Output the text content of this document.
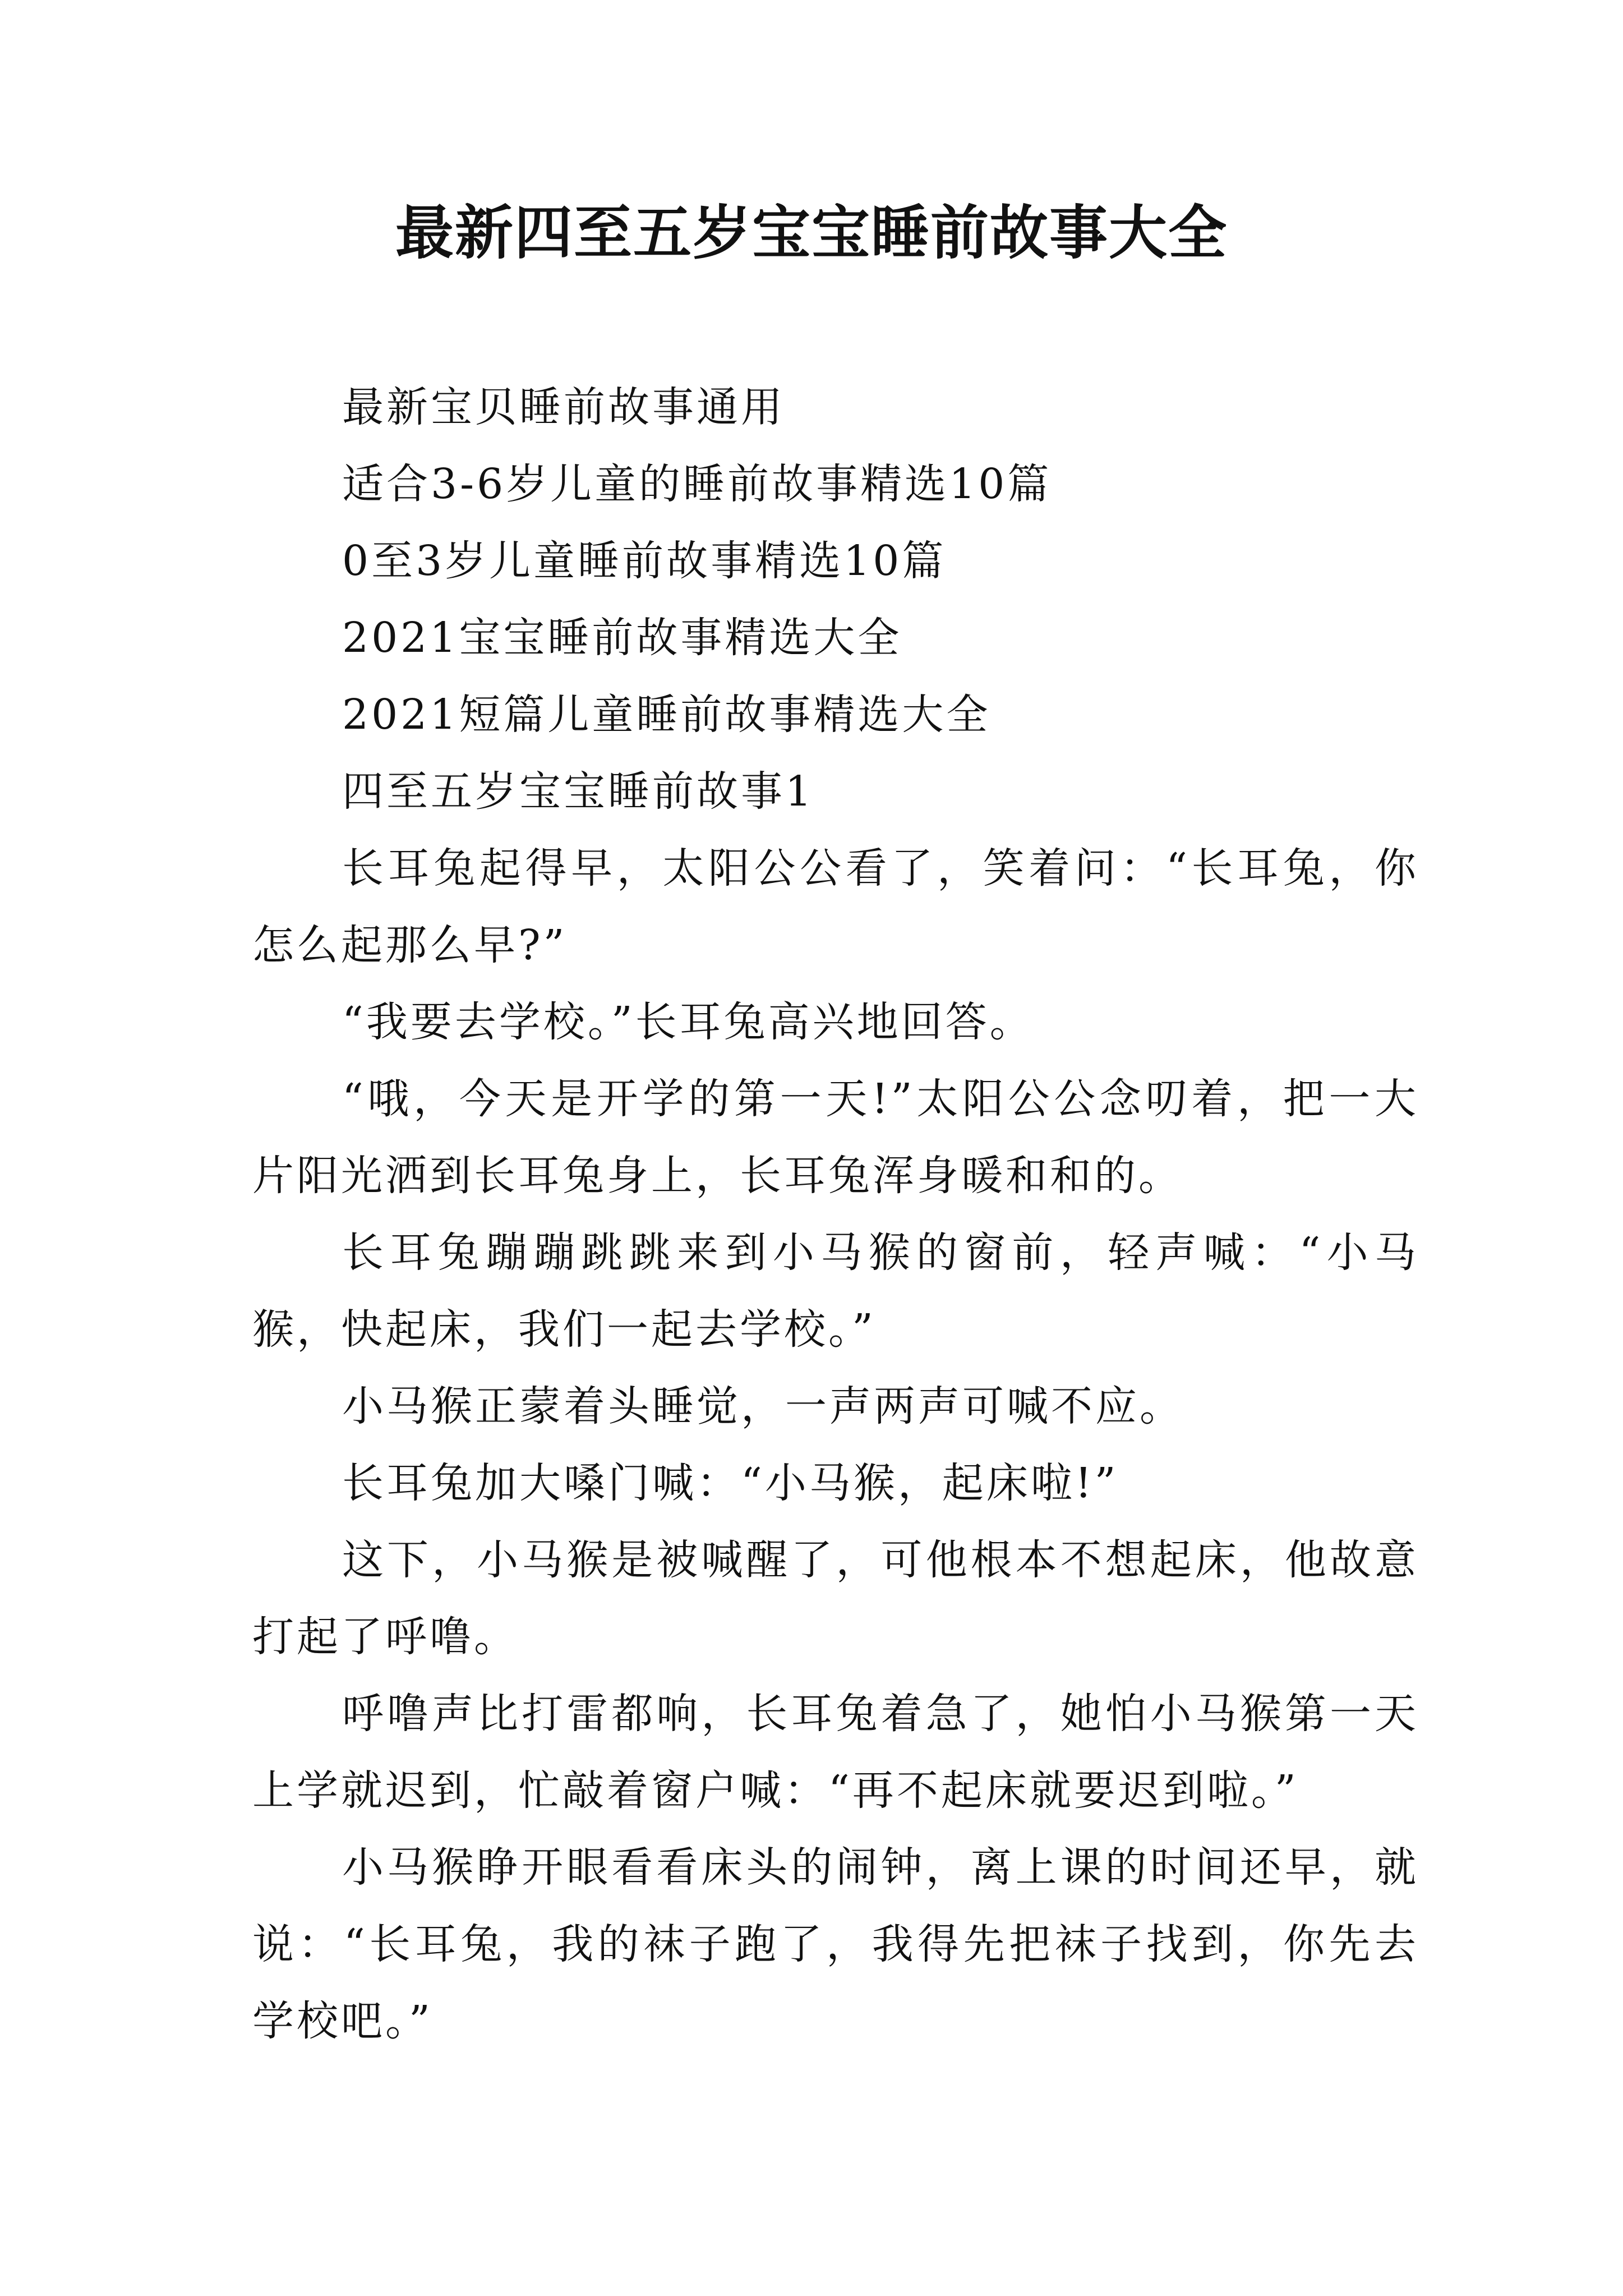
最新四至五岁宝宝睡前故事大全

最新宝贝睡前故事通用

适合3-6岁儿童的睡前故事精选10篇

0至3岁儿童睡前故事精选10篇

2021宝宝睡前故事精选大全

2021短篇儿童睡前故事精选大全

四至五岁宝宝睡前故事1

长耳兔起得早，太阳公公看了，笑着问：“长耳兔，你怎么起那么早?”

“我要去学校。”长耳兔高兴地回答。

“哦，今天是开学的第一天!”太阳公公念叨着，把一大片阳光洒到长耳兔身上，长耳兔浑身暖和和的。

长耳兔蹦蹦跳跳来到小马猴的窗前，轻声喊：“小马猴，快起床，我们一起去学校。”

小马猴正蒙着头睡觉，一声两声可喊不应。

长耳兔加大嗓门喊：“小马猴，起床啦!”

这下，小马猴是被喊醒了，可他根本不想起床，他故意打起了呼噜。

呼噜声比打雷都响，长耳兔着急了，她怕小马猴第一天上学就迟到，忙敲着窗户喊：“再不起床就要迟到啦。”

小马猴睁开眼看看床头的闹钟，离上课的时间还早，就说：“长耳兔，我的袜子跑了，我得先把袜子找到，你先去学校吧。”
